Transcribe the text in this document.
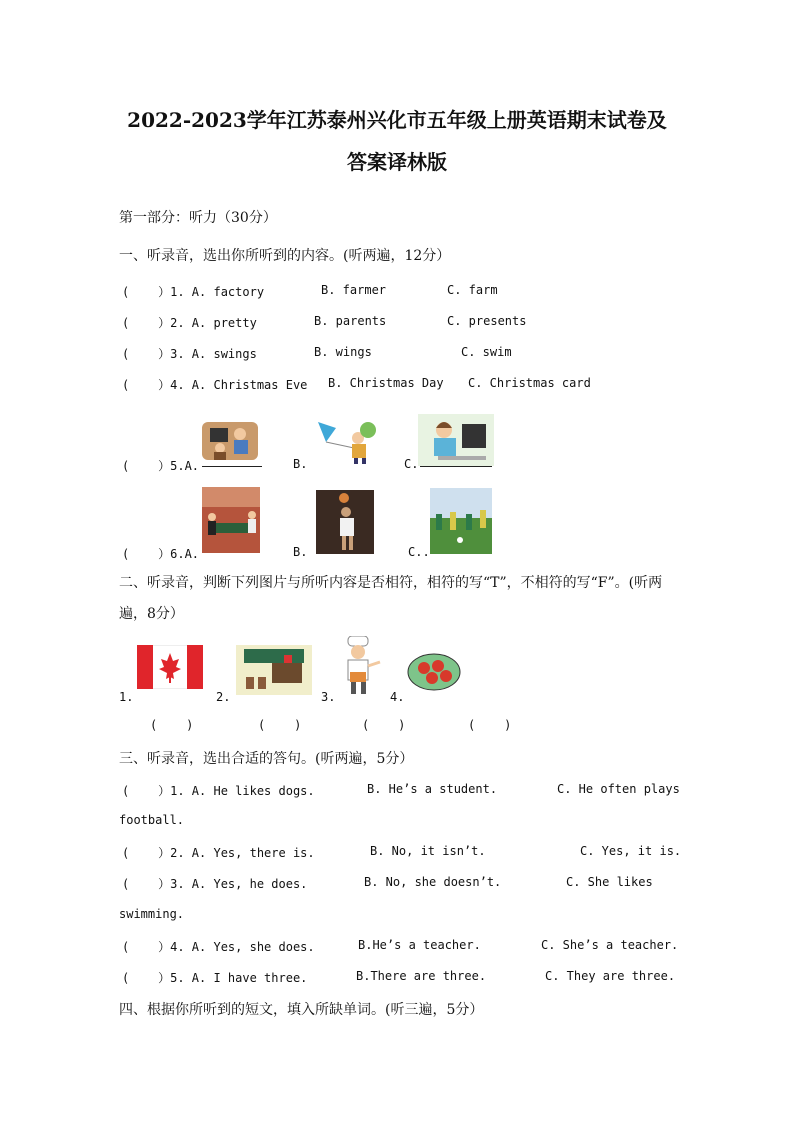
2022-2023学年江苏泰州兴化市五年级上册英语期末试卷及
答案译林版
第一部分：听力（30分）
一、听录音，选出你所听到的内容。(听两遍，12分）
(    ）1. A. factory	B. farmer	C. farm
(    ）2. A. pretty	B. parents	C. presents
(    ）3. A. swings	B. wings	C. swim
(    ）4. A. Christmas Eve B. Christmas Day C. Christmas card
(    ）5.A.	B.	C.
(    ）6.A.	B.	C..
二、听录音，判断下列图片与所听内容是否相符，相符的写“T”，不相符的写“F”。(听两
遍，8分）
1.	2.	3.	4.
(    )	(    )	(    )	(    )
三、听录音，选出合适的答句。(听两遍，5分）
(    ）1. A. He likes dogs.	B. He’s a student.	C. He often plays
football.
(    ）2. A. Yes, there is.	B. No, it isn’t.	C. Yes, it is.
(    ）3. A. Yes, he does.	B. No, she doesn’t.	C. She likes
swimming.
(    ）4. A. Yes, she does.	B.He’s a teacher.	C. She’s a teacher.
(    ）5. A. I have three.	B.There are three.	C. They are three.
四、根据你所听到的短文，填入所缺单词。(听三遍，5分）
